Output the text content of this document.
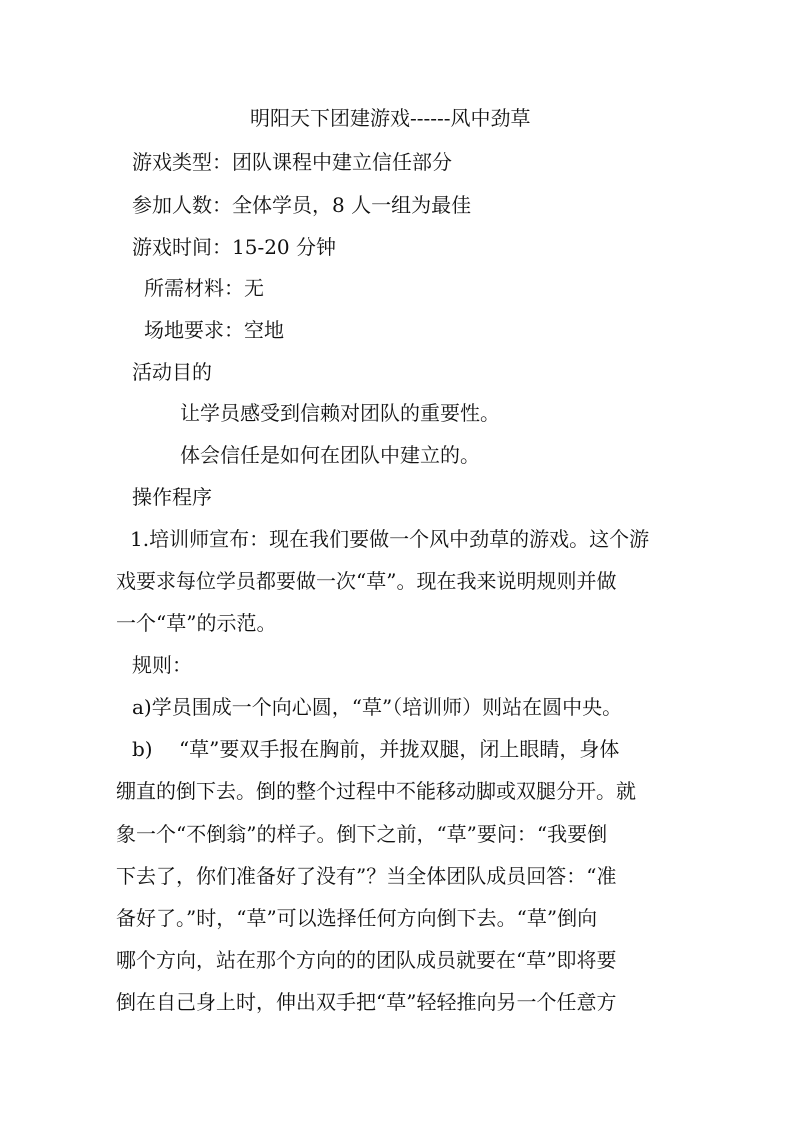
明阳天下团建游戏------风中劲草
游戏类型：团队课程中建立信任部分
参加人数：全体学员，8 人一组为最佳
游戏时间：15-20 分钟
所需材料：无
场地要求：空地
活动目的
让学员感受到信赖对团队的重要性。
体会信任是如何在团队中建立的。
操作程序
1.培训师宣布：现在我们要做一个风中劲草的游戏。这个游
戏要求每位学员都要做一次“草”。现在我来说明规则并做
一个“草”的示范。
规则：
a)学员围成一个向心圆，“草”（培训师）则站在圆中央。
b)　 “草”要双手报在胸前，并拢双腿，闭上眼睛，身体
绷直的倒下去。倒的整个过程中不能移动脚或双腿分开。就
象一个“不倒翁”的样子。倒下之前，“草”要问：“我要倒
下去了，你们准备好了没有”？当全体团队成员回答：“准
备好了。”时，“草”可以选择任何方向倒下去。“草”倒向
哪个方向，站在那个方向的的团队成员就要在“草”即将要
倒在自己身上时，伸出双手把“草”轻轻推向另一个任意方
